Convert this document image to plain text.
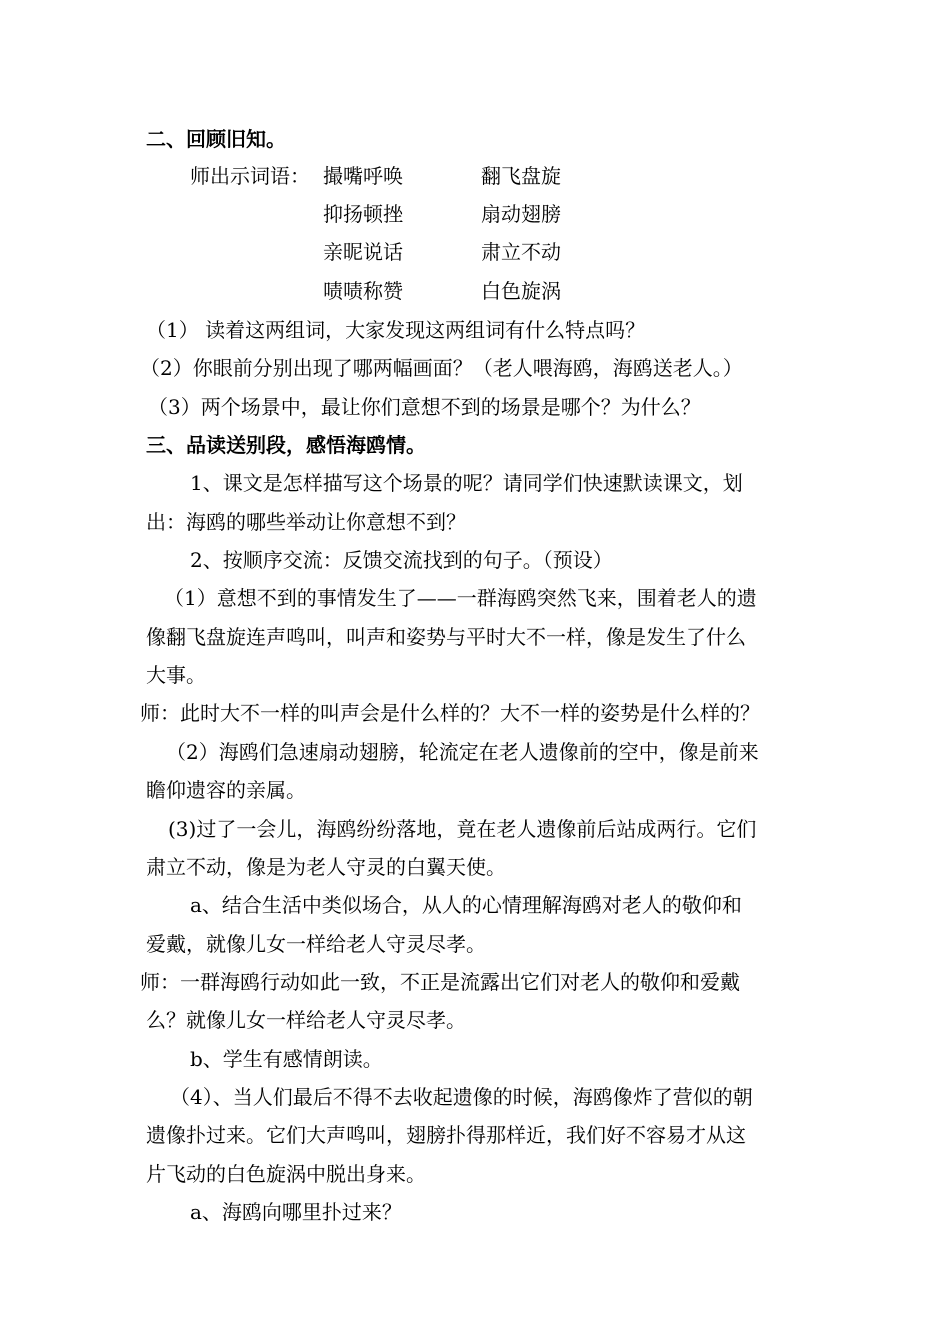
二、回顾旧知。
师出示词语： 撮嘴呼唤	翻飞盘旋
抑扬顿挫	扇动翅膀
亲昵说话	肃立不动
啧啧称赞	白色旋涡
（1） 读着这两组词，大家发现这两组词有什么特点吗？
（2）你眼前分别出现了哪两幅画面？（老人喂海鸥，海鸥送老人。）
（3）两个场景中，最让你们意想不到的场景是哪个？为什么？
三、品读送别段，感悟海鸥情。
1、课文是怎样描写这个场景的呢？请同学们快速默读课文，划
出：海鸥的哪些举动让你意想不到？
2、按顺序交流：反馈交流找到的句子。（预设）
（1）意想不到的事情发生了——一群海鸥突然飞来，围着老人的遗
像翻飞盘旋连声鸣叫，叫声和姿势与平时大不一样，像是发生了什么
大事。
师：此时大不一样的叫声会是什么样的？大不一样的姿势是什么样的？
（2）海鸥们急速扇动翅膀，轮流定在老人遗像前的空中，像是前来
瞻仰遗容的亲属。
(3)过了一会儿，海鸥纷纷落地，竟在老人遗像前后站成两行。它们
肃立不动，像是为老人守灵的白翼天使。
a、结合生活中类似场合，从人的心情理解海鸥对老人的敬仰和
爱戴，就像儿女一样给老人守灵尽孝。
师：一群海鸥行动如此一致，不正是流露出它们对老人的敬仰和爱戴
么？就像儿女一样给老人守灵尽孝。
b、学生有感情朗读。
（4）、当人们最后不得不去收起遗像的时候，海鸥像炸了营似的朝
遗像扑过来。它们大声鸣叫，翅膀扑得那样近，我们好不容易才从这
片飞动的白色旋涡中脱出身来。
a、海鸥向哪里扑过来？
